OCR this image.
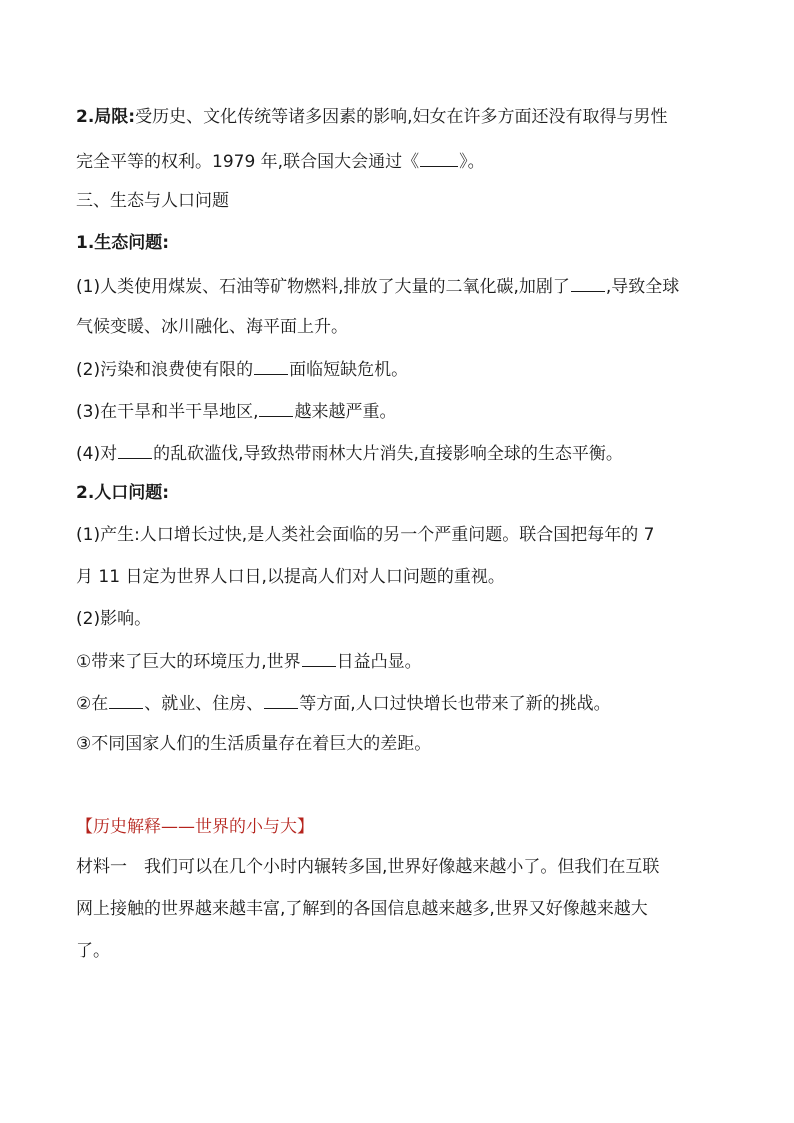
2.局限:受历史、文化传统等诸多因素的影响,妇女在许多方面还没有取得与男性
完全平等的权利。1979 年,联合国大会通过《 》。
三、生态与人口问题
1.生态问题:
(1)人类使用煤炭、石油等矿物燃料,排放了大量的二氧化碳,加剧了 ,导致全球
气候变暖、冰川融化、海平面上升。
(2)污染和浪费使有限的 面临短缺危机。
(3)在干旱和半干旱地区, 越来越严重。
(4)对 的乱砍滥伐,导致热带雨林大片消失,直接影响全球的生态平衡。
2.人口问题:
(1)产生:人口增长过快,是人类社会面临的另一个严重问题。联合国把每年的 7
月 11 日定为世界人口日,以提高人们对人口问题的重视。
(2)影响。
①带来了巨大的环境压力,世界 日益凸显。
②在 、就业、住房、 等方面,人口过快增长也带来了新的挑战。
③不同国家人们的生活质量存在着巨大的差距。
【历史解释——世界的小与大】
材料一　我们可以在几个小时内辗转多国,世界好像越来越小了。但我们在互联
网上接触的世界越来越丰富,了解到的各国信息越来越多,世界又好像越来越大
了。
